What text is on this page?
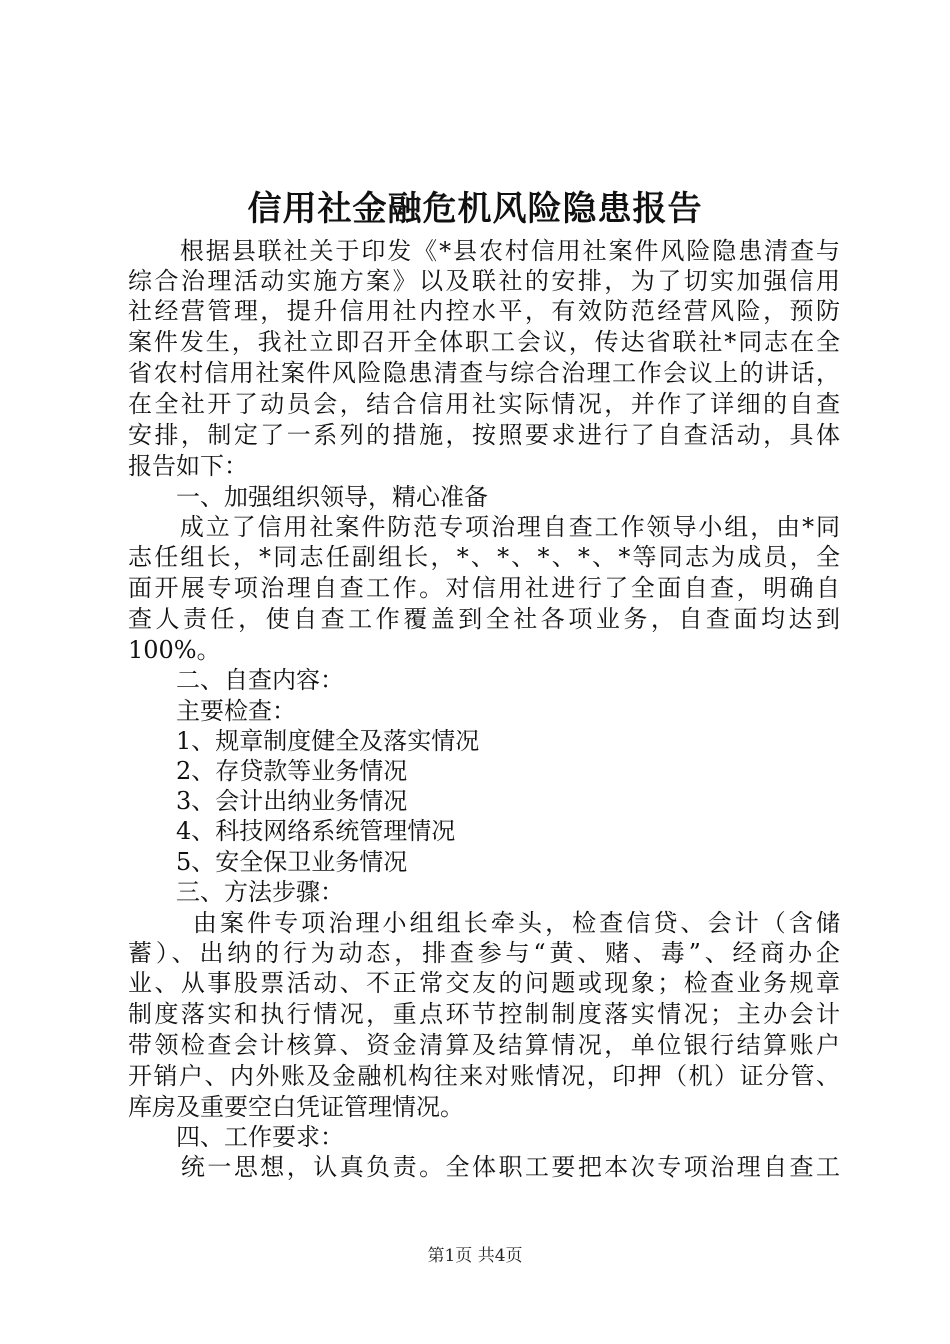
信用社金融危机风险隐患报告
　　根据县联社关于印发《*县农村信用社案件风险隐患清查与
综合治理活动实施方案》以及联社的安排，为了切实加强信用
社经营管理，提升信用社内控水平，有效防范经营风险，预防
案件发生，我社立即召开全体职工会议，传达省联社*同志在全
省农村信用社案件风险隐患清查与综合治理工作会议上的讲话，
在全社开了动员会，结合信用社实际情况，并作了详细的自查
安排，制定了一系列的措施，按照要求进行了自查活动，具体
报告如下：
　　一、加强组织领导，精心准备
　　成立了信用社案件防范专项治理自查工作领导小组，由*同
志任组长，*同志任副组长，*、*、*、*、*等同志为成员，全
面开展专项治理自查工作。对信用社进行了全面自查，明确自
查人责任，使自查工作覆盖到全社各项业务，自查面均达到
100%。
　　二、自查内容：
　　主要检查：
　　1、规章制度健全及落实情况
　　2、存贷款等业务情况
　　3、会计出纳业务情况
　　4、科技网络系统管理情况
　　5、安全保卫业务情况
　　三、方法步骤：
　　 由案件专项治理小组组长牵头，检查信贷、会计（含储
蓄）、出纳的行为动态，排查参与“黄、赌、毒”、经商办企
业、从事股票活动、不正常交友的问题或现象；检查业务规章
制度落实和执行情况，重点环节控制制度落实情况；主办会计
带领检查会计核算、资金清算及结算情况，单位银行结算账户
开销户、内外账及金融机构往来对账情况，印押（机）证分管、
库房及重要空白凭证管理情况。
　　四、工作要求：
　　统一思想，认真负责。全体职工要把本次专项治理自查工
第1页 共4页
